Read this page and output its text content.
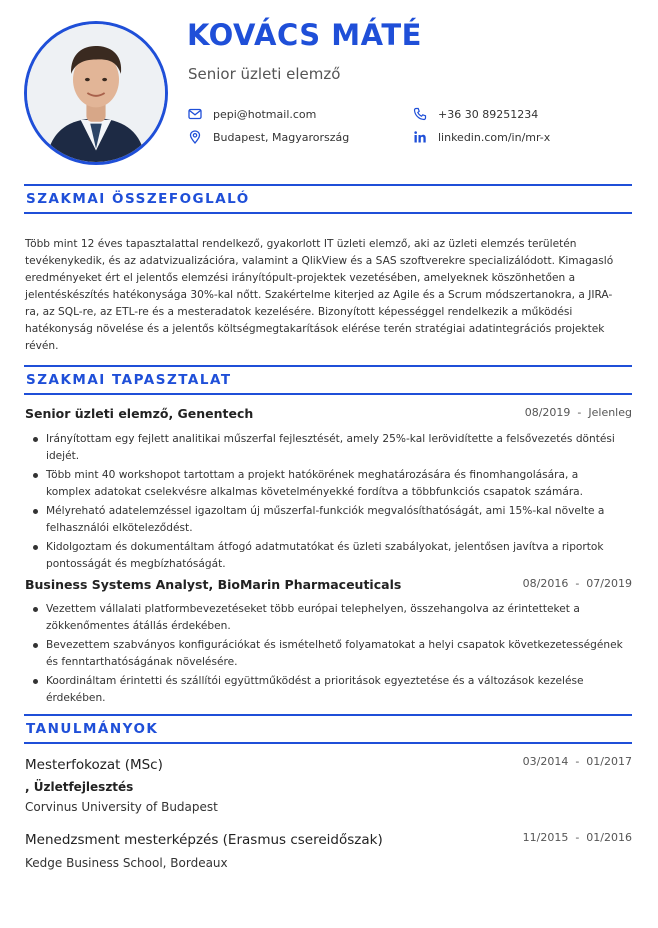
KOVÁCS MÁTÉ
Senior üzleti elemző
pepi@hotmail.com	+36 30 89251234
Budapest, Magyarország	linkedin.com/in/mr-x
SZAKMAI ÖSSZEFOGLALÓ
Több mint 12 éves tapasztalattal rendelkező, gyakorlott IT üzleti elemző, aki az üzleti elemzés területén tevékenykedik, és az adatvizualizációra, valamint a QlikView és a SAS szoftverekre specializálódott. Kimagasló eredményeket ért el jelentős elemzési irányítópult-projektek vezetésében, amelyeknek köszönhetően a jelentéskészítés hatékonysága 30%-kal nőtt. Szakértelme kiterjed az Agile és a Scrum módszertanokra, a JIRA-ra, az SQL-re, az ETL-re és a mesteradatok kezelésére. Bizonyított képességgel rendelkezik a működési hatékonyság növelése és a jelentős költségmegtakarítások elérése terén stratégiai adatintegrációs projektek révén.
SZAKMAI TAPASZTALAT
Senior üzleti elemző, Genentech	08/2019  -  Jelenleg
Irányítottam egy fejlett analitikai műszerfal fejlesztését, amely 25%-kal lerövidítette a felsővezetés döntési idejét.
Több mint 40 workshopot tartottam a projekt hatókörének meghatározására és finomhangolására, a komplex adatokat cselekvésre alkalmas követelményekké fordítva a többfunkciós csapatok számára.
Mélyreható adatelemzéssel igazoltam új műszerfal-funkciók megvalósíthatóságát, ami 15%-kal növelte a felhasználói elköteleződést.
Kidolgoztam és dokumentáltam átfogó adatmutatókat és üzleti szabályokat, jelentősen javítva a riportok pontosságát és megbízhatóságát.
Business Systems Analyst, BioMarin Pharmaceuticals	08/2016  -  07/2019
Vezettem vállalati platformbevezetéseket több európai telephelyen, összehangolva az érintetteket a zökkenőmentes átállás érdekében.
Bevezettem szabványos konfigurációkat és ismételhető folyamatokat a helyi csapatok következetességének és fenntarthatóságának növelésére.
Koordináltam érintetti és szállítói együttműködést a prioritások egyeztetése és a változások kezelése érdekében.
TANULMÁNYOK
Mesterfokozat (MSc)	03/2014  -  01/2017
, Üzletfejlesztés
Corvinus University of Budapest
Menedzsment mesterképzés (Erasmus csereidőszak)	11/2015  -  01/2016
Kedge Business School, Bordeaux
